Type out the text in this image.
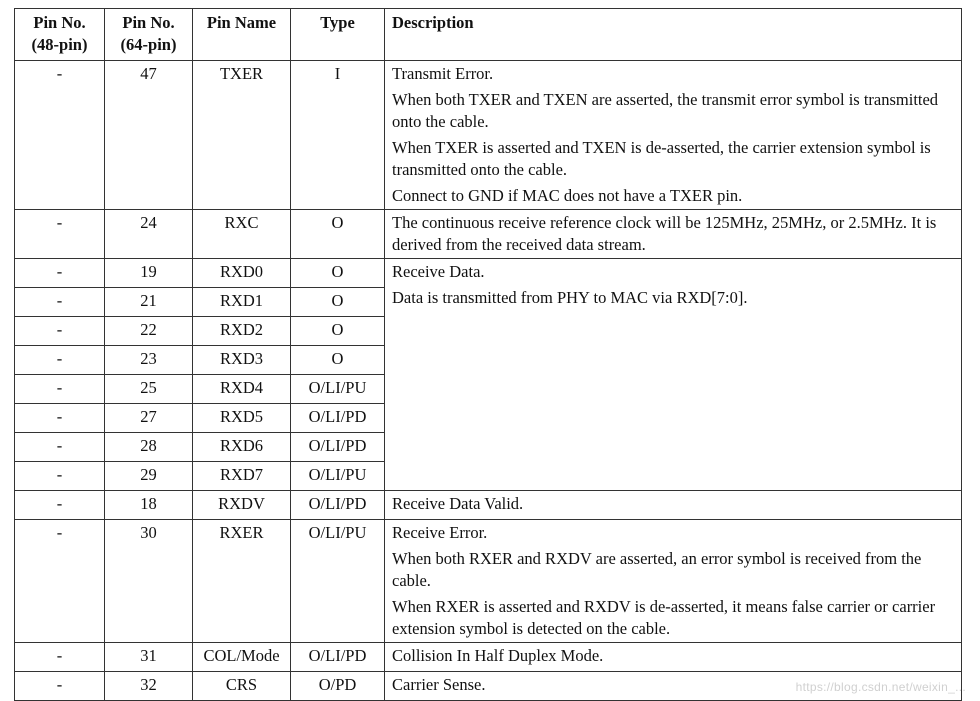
Pin No. (48-pin)	Pin No. (64-pin)	Pin Name	Type	Description
-	47	TXER	I	Transmit Error.
When both TXER and TXEN are asserted, the transmit error symbol is transmitted onto the cable.
When TXER is asserted and TXEN is de-asserted, the carrier extension symbol is transmitted onto the cable.
Connect to GND if MAC does not have a TXER pin.

-	24	RXC	O	The continuous receive reference clock will be 125MHz, 25MHz, or 2.5MHz. It is derived from the received data stream.

-	19	RXD0	O	Receive Data.
Data is transmitted from PHY to MAC via RXD[7:0].

-	21	RXD1	O	
-	22	RXD2	O	
-	23	RXD3	O	
-	25	RXD4	O/LI/PU	
-	27	RXD5	O/LI/PD	
-	28	RXD6	O/LI/PD	
-	29	RXD7	O/LI/PU	
-	18	RXDV	O/LI/PD	Receive Data Valid.

-	30	RXER	O/LI/PU	Receive Error.
When both RXER and RXDV are asserted, an error symbol is received from the cable.
When RXER is asserted and RXDV is de-asserted, it means false carrier or carrier extension symbol is detected on the cable.

-	31	COL/Mode	O/LI/PD	Collision In Half Duplex Mode.

-	32	CRS	O/PD	Carrier Sense.	https://blog.csdn.net/weixin_...
